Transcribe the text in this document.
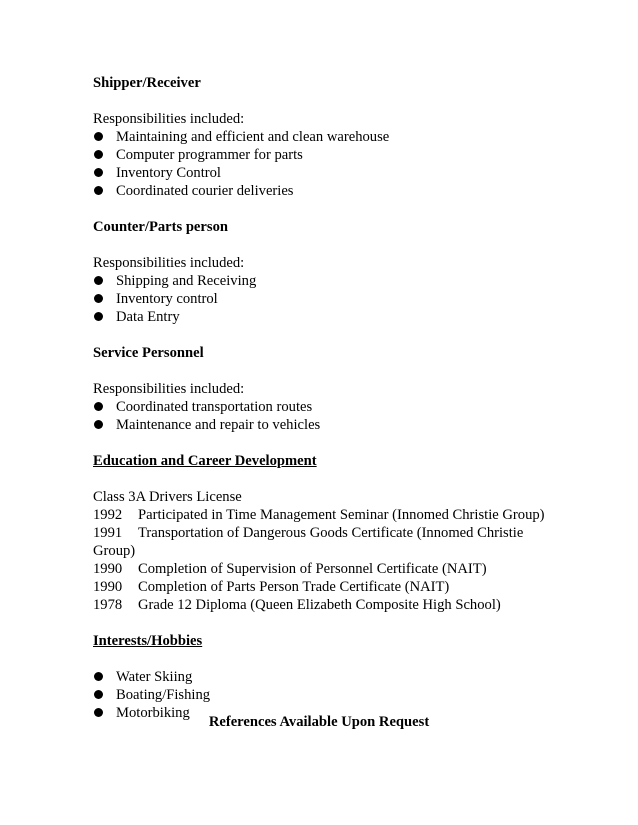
Shipper/Receiver

Responsibilities included:

Maintaining and efficient and clean warehouse
Computer programmer for parts
Inventory Control
Coordinated courier deliveries

Counter/Parts person

Responsibilities included:

Shipping and Receiving
Inventory control
Data Entry

Service Personnel

Responsibilities included:

Coordinated transportation routes
Maintenance and repair to vehicles

Education and Career Development

Class 3A Drivers License

1992	Participated in Time Management Seminar (Innomed Christie Group)
1991	Transportation of Dangerous Goods Certificate (Innomed Christie
Group)
1990	Completion of Supervision of Personnel Certificate (NAIT)
1990	Completion of Parts Person Trade Certificate (NAIT)
1978	Grade 12 Diploma (Queen Elizabeth Composite High School)

Interests/Hobbies

Water Skiing
Boating/Fishing
Motorbiking
References Available Upon Request
